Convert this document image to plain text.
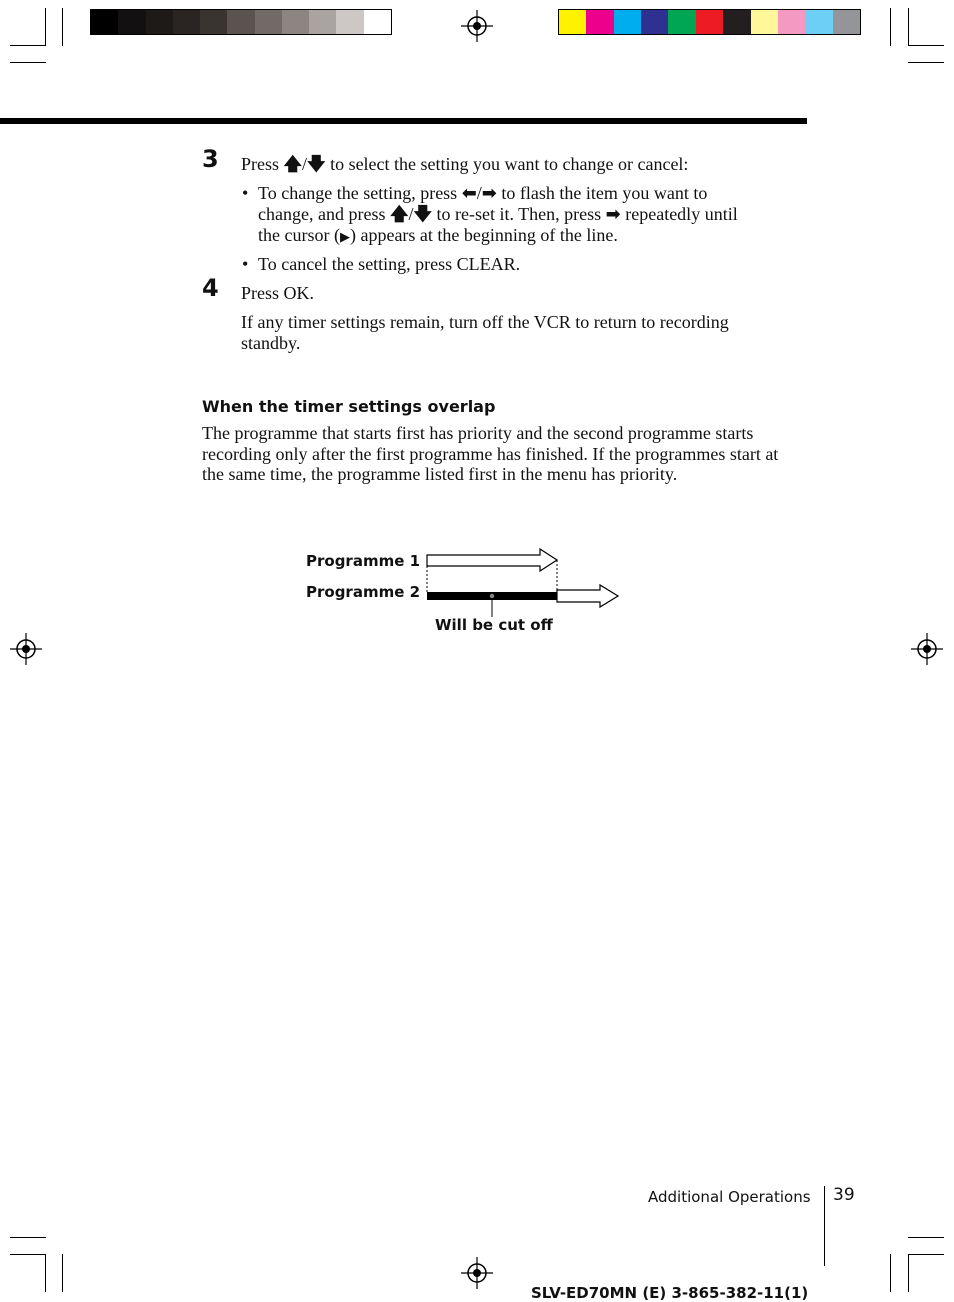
3 Press 🡅/🡇 to select the setting you want to change or cancel:
• To change the setting, press ⬅/➡ to flash the item you want to
change, and press 🡅/🡇 to re-set it. Then, press ➡ repeatedly until
the cursor (▶) appears at the beginning of the line.
• To cancel the setting, press CLEAR.
4 Press OK.
If any timer settings remain, turn off the VCR to return to recording standby.
When the timer settings overlap
The programme that starts first has priority and the second programme starts recording only after the first programme has finished. If the programmes start at the same time, the programme listed first in the menu has priority.
Programme 1
Programme 2
Will be cut off
Additional Operations 39
SLV-ED70MN (E) 3-865-382-11(1)
